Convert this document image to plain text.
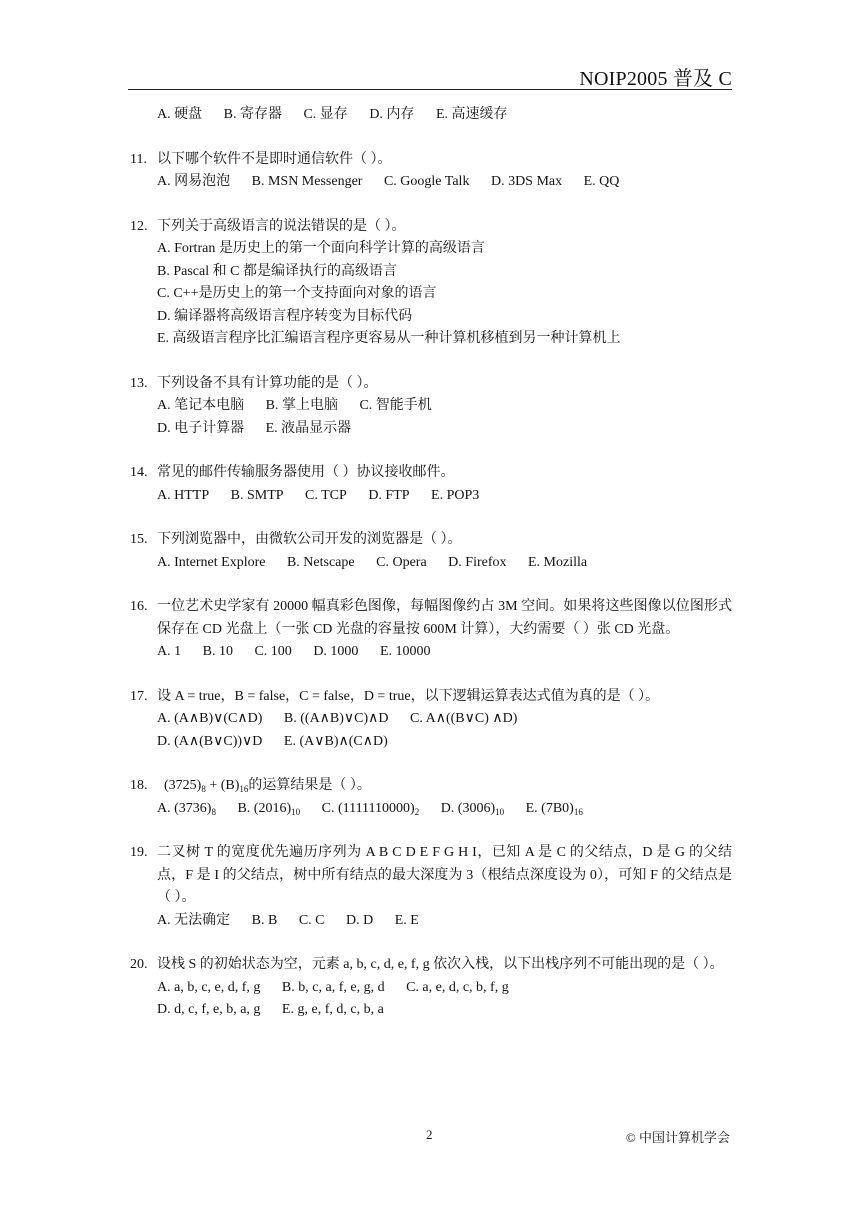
NOIP2005 普及 C
A. 硬盘 B. 寄存器 C. 显存 D. 内存 E. 高速缓存
11. 以下哪个软件不是即时通信软件（ ）。
A. 网易泡泡 B. MSN Messenger C. Google Talk D. 3DS Max E. QQ
12. 下列关于高级语言的说法错误的是（ ）。
A. Fortran 是历史上的第一个面向科学计算的高级语言
B. Pascal 和 C 都是编译执行的高级语言
C. C++是历史上的第一个支持面向对象的语言
D. 编译器将高级语言程序转变为目标代码
E. 高级语言程序比汇编语言程序更容易从一种计算机移植到另一种计算机上
13. 下列设备不具有计算功能的是（ ）。
A. 笔记本电脑 B. 掌上电脑 C. 智能手机
D. 电子计算器 E. 液晶显示器
14. 常见的邮件传输服务器使用（ ）协议接收邮件。
A. HTTP B. SMTP C. TCP D. FTP E. POP3
15. 下列浏览器中，由微软公司开发的浏览器是（ ）。
A. Internet Explore B. Netscape C. Opera D. Firefox E. Mozilla
16. 一位艺术史学家有 20000 幅真彩色图像，每幅图像约占 3M 空间。如果将这些图像以位图形式保存在 CD 光盘上（一张 CD 光盘的容量按 600M 计算），大约需要（ ）张 CD 光盘。
A. 1 B. 10 C. 100 D. 1000 E. 10000
17. 设 A = true，B = false，C = false，D = true，以下逻辑运算表达式值为真的是（ ）。
A. (A∧B)∨(C∧D) B. ((A∧B)∨C)∧D C. A∧((B∨C) ∧D)
D. (A∧(B∨C))∨D E. (A∨B)∧(C∧D)
18.	$(3725)_8 + (B)_{16}$的运算结果是（ ）。
A. $(3736)_8$ B. $(2016)_{10}$ C. $(1111110000)_2$ D. $(3006)_{10}$ E. $(7B0)_{16}$
19. 二叉树 T 的宽度优先遍历序列为 A B C D E F G H I，已知 A 是 C 的父结点，D 是 G 的父结点，F 是 I 的父结点，树中所有结点的最大深度为 3（根结点深度设为 0），可知 F 的父结点是（ ）。
A. 无法确定 B. B C. C D. D E. E
20. 设栈 S 的初始状态为空，元素 a, b, c, d, e, f, g 依次入栈，以下出栈序列不可能出现的是（ ）。
A. a, b, c, e, d, f, g B. b, c, a, f, e, g, d C. a, e, d, c, b, f, g
D. d, c, f, e, b, a, g E. g, e, f, d, c, b, a
2	© 中国计算机学会
